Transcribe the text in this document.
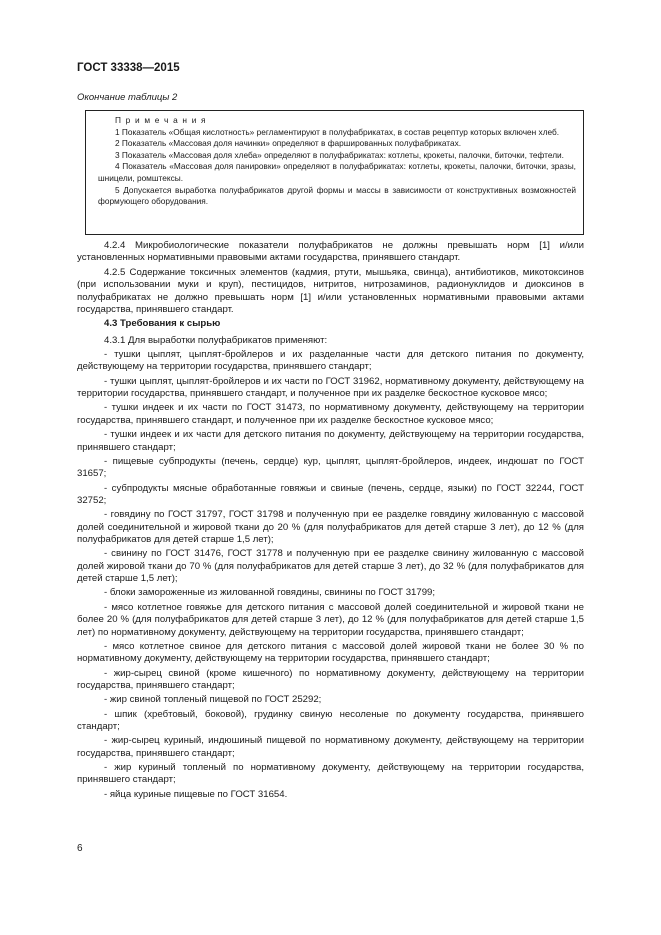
ГОСТ 33338—2015
Окончание таблицы 2
П р и м е ч а н и я

1 Показатель «Общая кислотность» регламентируют в полуфабрикатах, в состав рецептур которых включен хлеб.

2 Показатель «Массовая доля начинки» определяют в фаршированных полуфабрикатах.

3 Показатель «Массовая доля хлеба» определяют в полуфабрикатах: котлеты, крокеты, палочки, биточки, тефтели.

4 Показатель «Массовая доля панировки» определяют в полуфабрикатах: котлеты, крокеты, палочки, биточки, зразы, шницели, ромштексы.

5 Допускается выработка полуфабрикатов другой формы и массы в зависимости от конструктивных возможностей формующего оборудования.

4.2.4 Микробиологические показатели полуфабрикатов не должны превышать норм [1] и/или установленных нормативными правовыми актами государства, принявшего стандарт.

4.2.5 Содержание токсичных элементов (кадмия, ртути, мышьяка, свинца), антибиотиков, микотоксинов (при использовании муки и круп), пестицидов, нитритов, нитрозаминов, радионуклидов и диоксинов в полуфабрикатах не должно превышать норм [1] и/или установленных нормативными правовыми актами государства, принявшего стандарт.

4.3 Требования к сырью

4.3.1 Для выработки полуфабрикатов применяют:

- тушки цыплят, цыплят-бройлеров и их разделанные части для детского питания по документу, действующему на территории государства, принявшего стандарт;

- тушки цыплят, цыплят-бройлеров и их части по ГОСТ 31962, нормативному документу, действующему на территории государства, принявшего стандарт, и полученное при их разделке бескостное кусковое мясо;

- тушки индеек и их части по ГОСТ 31473, по нормативному документу, действующему на территории государства, принявшего стандарт, и полученное при их разделке бескостное кусковое мясо;

- тушки индеек и их части для детского питания по документу, действующему на территории государства, принявшего стандарт;

- пищевые субпродукты (печень, сердце) кур, цыплят, цыплят-бройлеров, индеек, индюшат по ГОСТ 31657;

- субпродукты мясные обработанные говяжьи и свиные (печень, сердце, языки) по ГОСТ 32244, ГОСТ 32752;

- говядину по ГОСТ 31797, ГОСТ 31798 и полученную при ее разделке говядину жилованную с массовой долей соединительной и жировой ткани до 20 % (для полуфабрикатов для детей старше 3 лет), до 12 % (для полуфабрикатов для детей старше 1,5 лет);

- свинину по ГОСТ 31476, ГОСТ 31778 и полученную при ее разделке свинину жилованную с массовой долей жировой ткани до 70 % (для полуфабрикатов для детей старше 3 лет), до 32 % (для полуфабрикатов для детей старше 1,5 лет);

- блоки замороженные из жилованной говядины, свинины по ГОСТ 31799;

- мясо котлетное говяжье для детского питания с массовой долей соединительной и жировой ткани не более 20 % (для полуфабрикатов для детей старше 3 лет), до 12 % (для полуфабрикатов для детей старше 1,5 лет) по нормативному документу, действующему на территории государства, принявшего стандарт;

- мясо котлетное свиное для детского питания с массовой долей жировой ткани не более 30 % по нормативному документу, действующему на территории государства, принявшего стандарт;

- жир-сырец свиной (кроме кишечного) по нормативному документу, действующему на территории государства, принявшего стандарт;

- жир свиной топленый пищевой по ГОСТ 25292;

- шпик (хребтовый, боковой), грудинку свиную несоленые по документу государства, принявшего стандарт;

- жир-сырец куриный, индюшиный пищевой по нормативному документу, действующему на территории государства, принявшего стандарт;

- жир куриный топленый по нормативному документу, действующему на территории государства, принявшего стандарт;

- яйца куриные пищевые по ГОСТ 31654.

6
